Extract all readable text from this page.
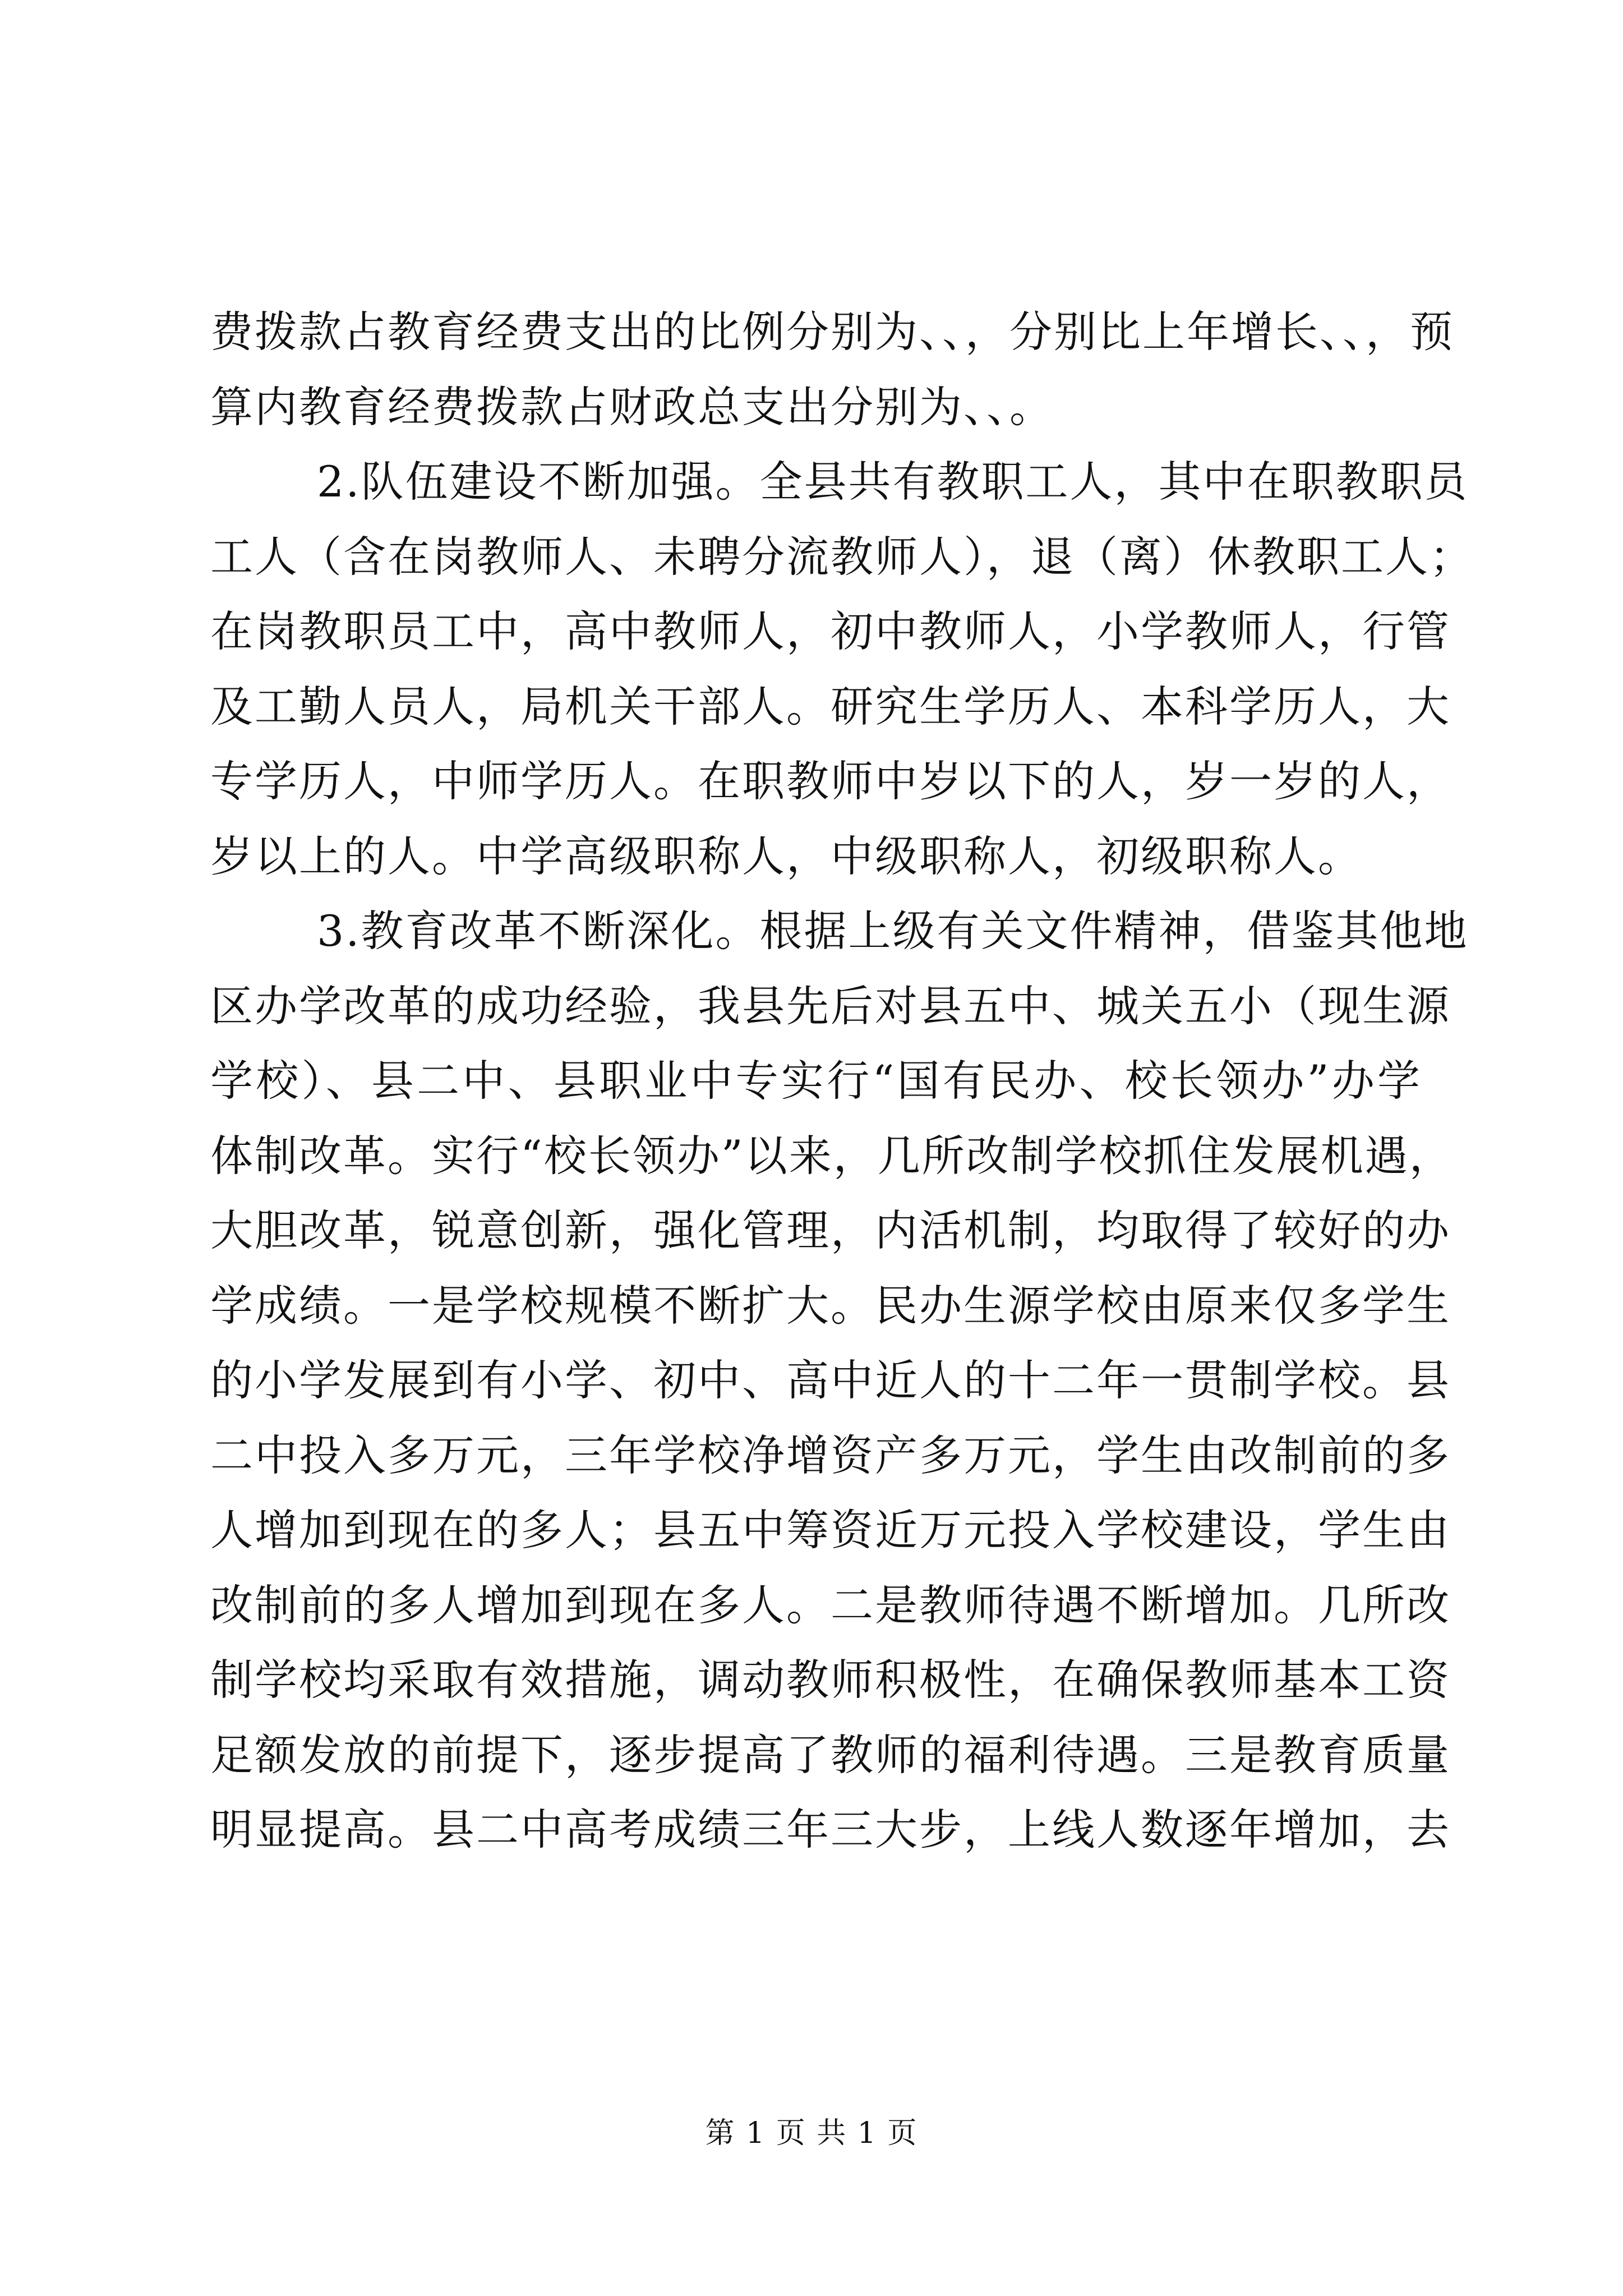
费拨款占教育经费支出的比例分别为、、，分别比上年增长、、，预
算内教育经费拨款占财政总支出分别为、、。
2.队伍建设不断加强。全县共有教职工人，其中在职教职员
工人（含在岗教师人、未聘分流教师人），退（离）休教职工人；
在岗教职员工中，高中教师人，初中教师人，小学教师人，行管
及工勤人员人，局机关干部人。研究生学历人、本科学历人，大
专学历人，中师学历人。在职教师中岁以下的人，岁一岁的人，
岁以上的人。中学高级职称人，中级职称人，初级职称人。
3.教育改革不断深化。根据上级有关文件精神，借鉴其他地
区办学改革的成功经验，我县先后对县五中、城关五小（现生源
学校）、县二中、县职业中专实行“国有民办、校长领办”办学
体制改革。实行“校长领办”以来，几所改制学校抓住发展机遇，
大胆改革，锐意创新，强化管理，内活机制，均取得了较好的办
学成绩。一是学校规模不断扩大。民办生源学校由原来仅多学生
的小学发展到有小学、初中、高中近人的十二年一贯制学校。县
二中投入多万元，三年学校净增资产多万元，学生由改制前的多
人增加到现在的多人；县五中筹资近万元投入学校建设，学生由
改制前的多人增加到现在多人。二是教师待遇不断增加。几所改
制学校均采取有效措施，调动教师积极性，在确保教师基本工资
足额发放的前提下，逐步提高了教师的福利待遇。三是教育质量
明显提高。县二中高考成绩三年三大步，上线人数逐年增加，去
第 1 页 共 1 页
